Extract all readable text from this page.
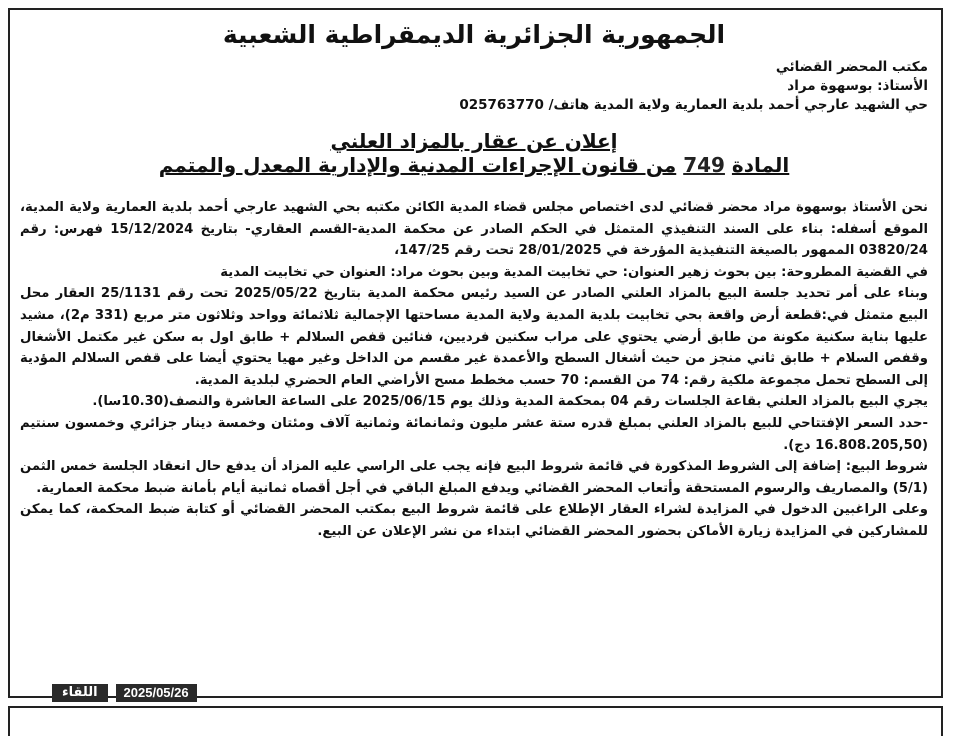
الجمهورية الجزائرية الديمقراطية الشعبية
مكتب المحضر القضائي
الأستاذ: بوسهوة مراد
حي الشهيد عارجي أحمد بلدية العمارية ولاية المدية هاتف/ 025763770
إعلان عن عقار بالمزاد العلني
المادة 749 من قانون الإجراءات المدنية والإدارية المعدل والمتمم

نحن الأستاذ بوسهوة مراد محضر قضائي لدى اختصاص مجلس قضاء المدية الكائن مكتبه بحي الشهيد عارجي أحمد بلدية العمارية ولاية المدية، الموقع أسفله: بناء على السند التنفيذي المتمثل في الحكم الصادر عن محكمة المدية-القسم العقاري- بتاريخ 15/12/2024 فهرس: رقم 03820/24 الممهور بالصيغة التنفيذية المؤرخة في 28/01/2025 تحت رقم 147/25،

في القضية المطروحة: بين بحوث زهير العنوان: حي تخابيت المدية وبين بحوث مراد: العنوان حي تخابيت المدية

وبناء على أمر تحديد جلسة البيع بالمزاد العلني الصادر عن السيد رئيس محكمة المدية بتاريخ 2025/05/22 تحت رقم 25/1131 العقار محل البيع متمثل في:قطعة أرض واقعة بحي تخابيت بلدية المدية ولاية المدية مساحتها الإجمالية ثلاثمائة وواحد وثلاثون متر مربع (331 م2)، مشيد عليها بناية سكنية مكونة من طابق أرضي يحتوي على مراب سكنين فرديين، فنائين قفص السلالم + طابق اول به سكن غير مكتمل الأشغال وقفص السلام + طابق ثاني منجز من حيث أشغال السطح والأعمدة غير مقسم من الداخل وغير مهيا يحتوي أيضا على قفص السلالم المؤدية إلى السطح تحمل مجموعة ملكية رقم: 74 من القسم: 70 حسب مخطط مسح الأراضي العام الحضري لبلدية المدية.

يجري البيع بالمزاد العلني بقاعة الجلسات رقم 04 بمحكمة المدية وذلك يوم 2025/06/15 على الساعة العاشرة والنصف(10.30سا).

-حدد السعر الإفتتاحي للبيع بالمزاد العلني بمبلغ قدره ستة عشر مليون وثمانمائة وثمانية آلاف ومئتان وخمسة دينار جزائري وخمسون سنتيم (16.808.205,50 دج).

شروط البيع: إضافة إلى الشروط المذكورة في قائمة شروط البيع فإنه يجب على الراسي عليه المزاد أن يدفع حال انعقاد الجلسة خمس الثمن (5/1) والمصاريف والرسوم المستحقة وأتعاب المحضر القضائي ويدفع المبلغ الباقي في أجل أقصاه ثمانية أيام بأمانة ضبط محكمة العمارية.

وعلى الراغبين الدخول في المزايدة لشراء العقار الإطلاع على قائمة شروط البيع بمكتب المحضر القضائي أو كتابة ضبط المحكمة، كما يمكن للمشاركين في المزايدة زيارة الأماكن بحضور المحضر القضائي ابتداء من نشر الإعلان عن البيع.

اللقاء	2025/05/26
